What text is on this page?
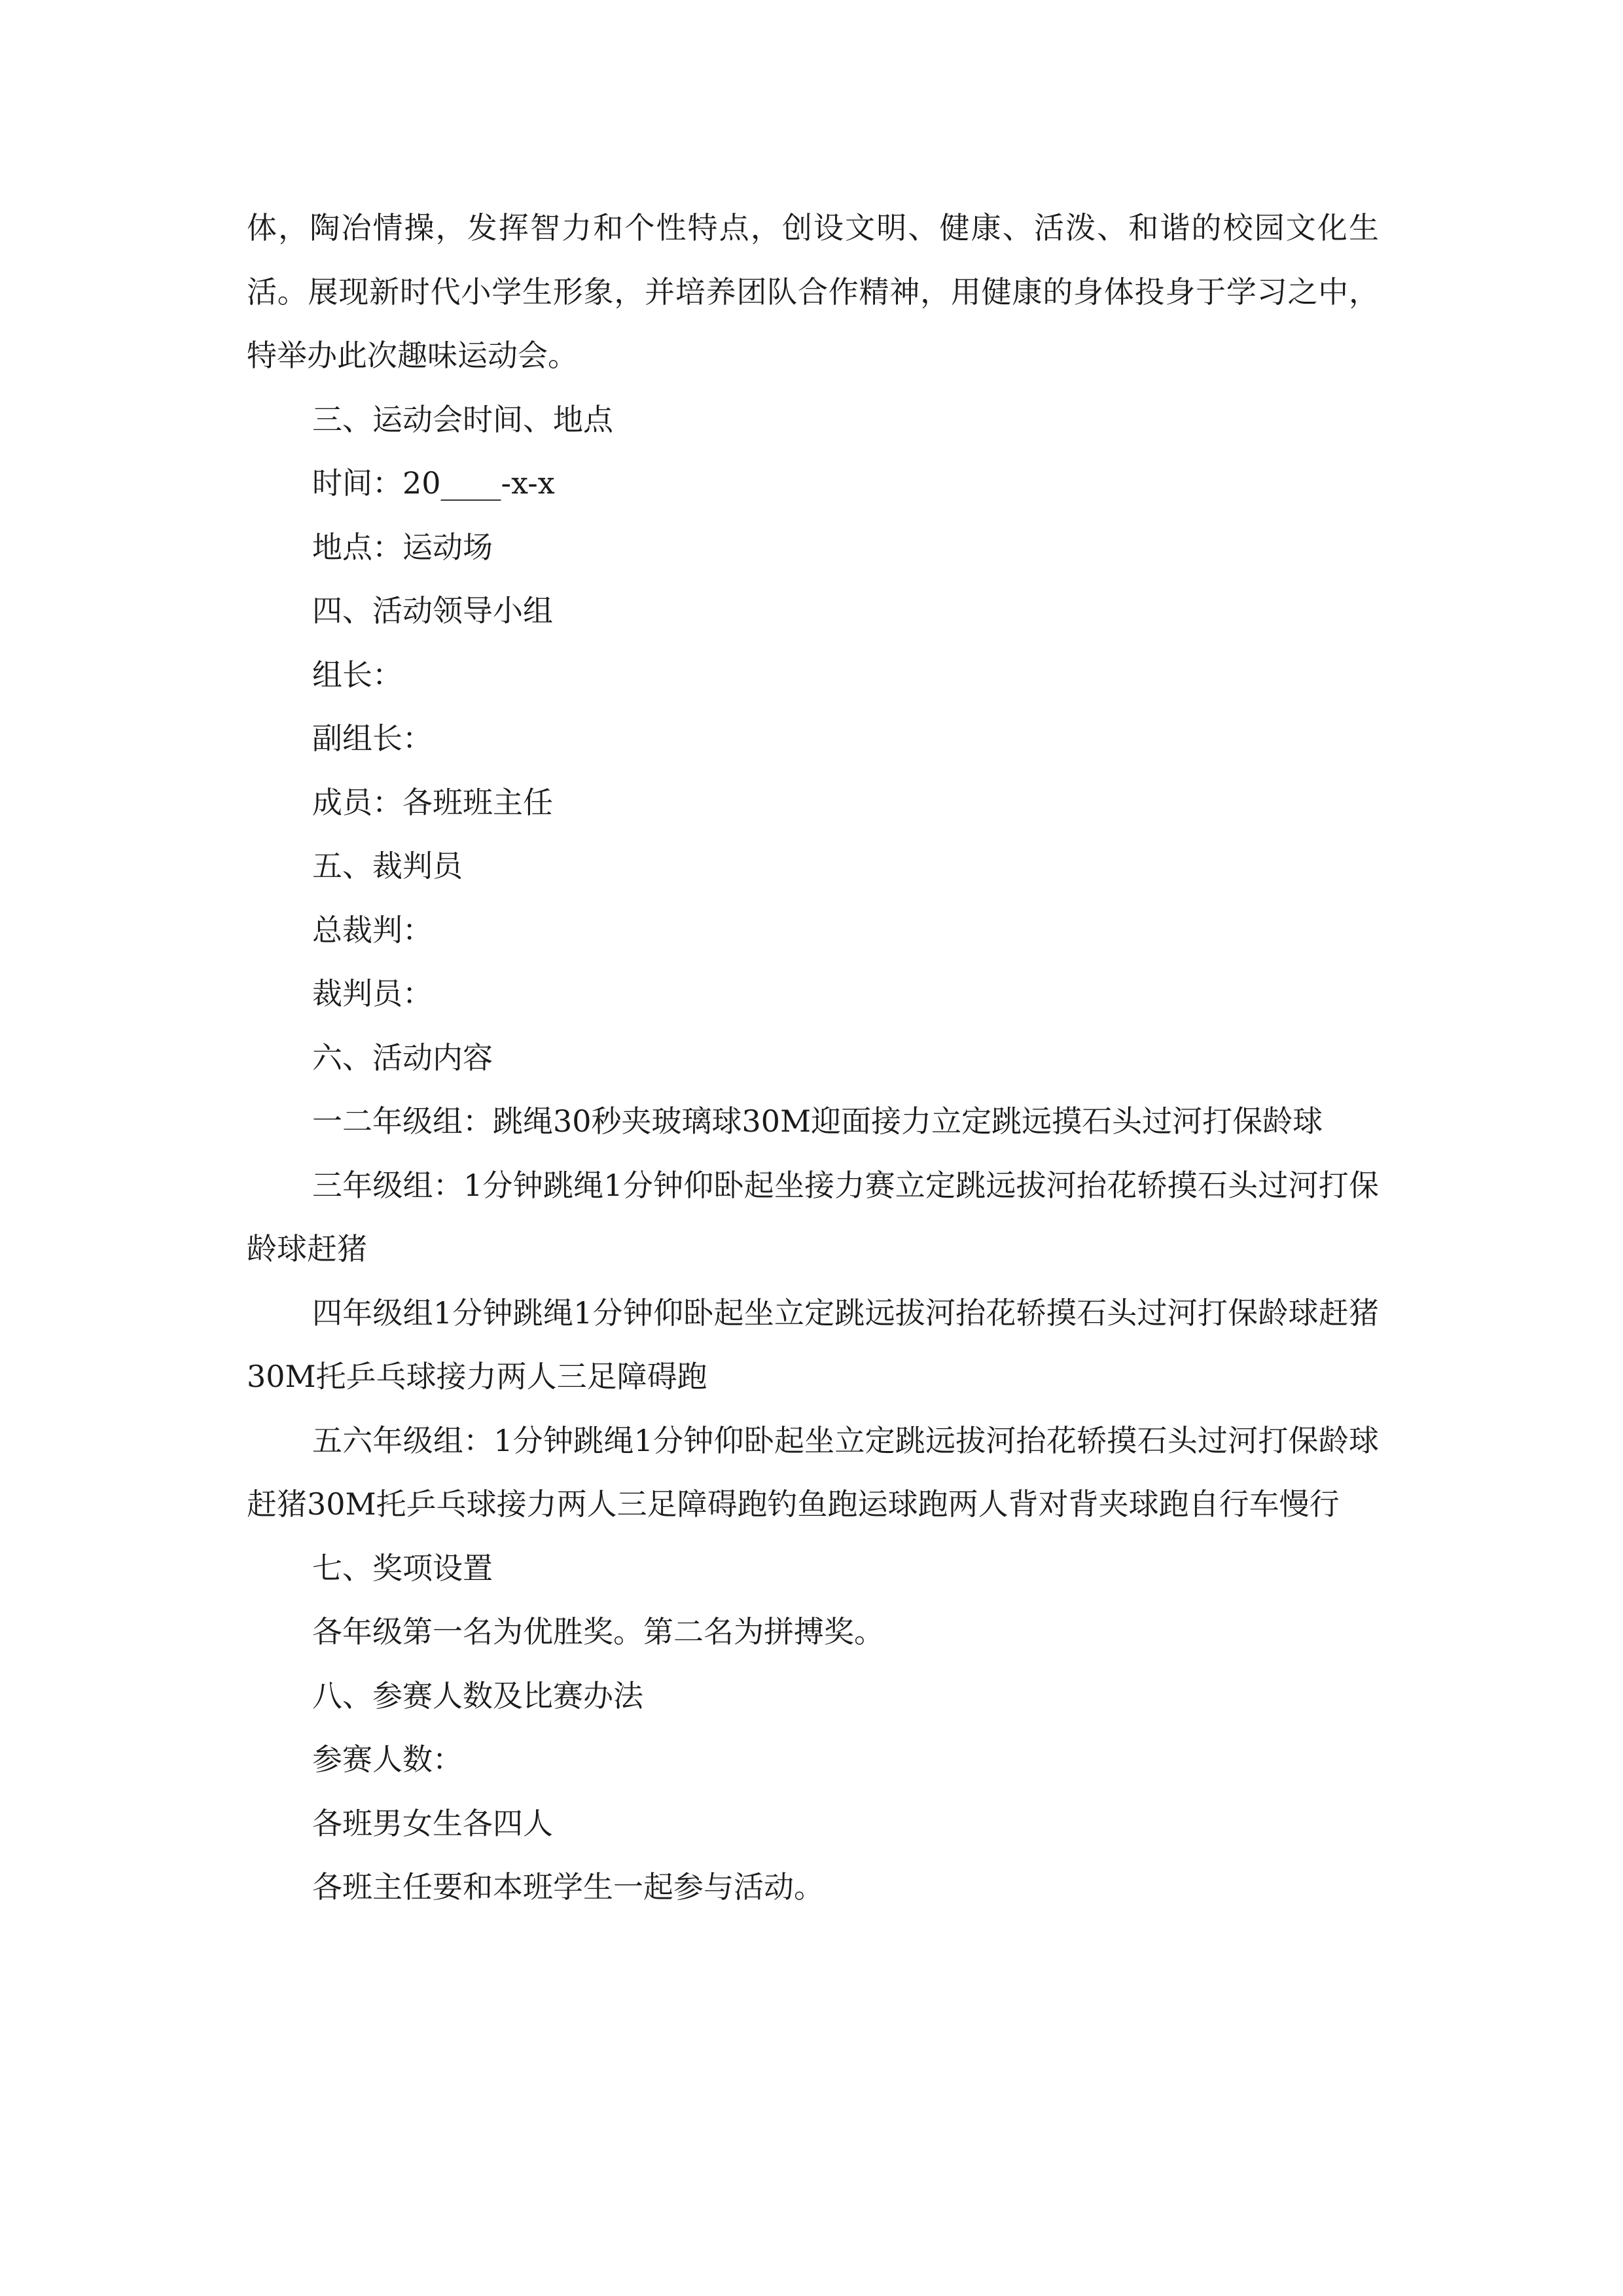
体，陶冶情操，发挥智力和个性特点，创设文明、健康、活泼、和谐的校园文化生活。展现新时代小学生形象，并培养团队合作精神，用健康的身体投身于学习之中，特举办此次趣味运动会。

三、运动会时间、地点

时间：20____-x-x

地点：运动场

四、活动领导小组

组长：

副组长：

成员：各班班主任

五、裁判员

总裁判：

裁判员：

六、活动内容

一二年级组：跳绳30秒夹玻璃球30M迎面接力立定跳远摸石头过河打保龄球

三年级组：1分钟跳绳1分钟仰卧起坐接力赛立定跳远拔河抬花轿摸石头过河打保龄球赶猪

四年级组1分钟跳绳1分钟仰卧起坐立定跳远拔河抬花轿摸石头过河打保龄球赶猪30M托乒乓球接力两人三足障碍跑

五六年级组：1分钟跳绳1分钟仰卧起坐立定跳远拔河抬花轿摸石头过河打保龄球赶猪30M托乒乓球接力两人三足障碍跑钓鱼跑运球跑两人背对背夹球跑自行车慢行

七、奖项设置

各年级第一名为优胜奖。第二名为拼搏奖。

八、参赛人数及比赛办法

参赛人数：

各班男女生各四人

各班主任要和本班学生一起参与活动。
